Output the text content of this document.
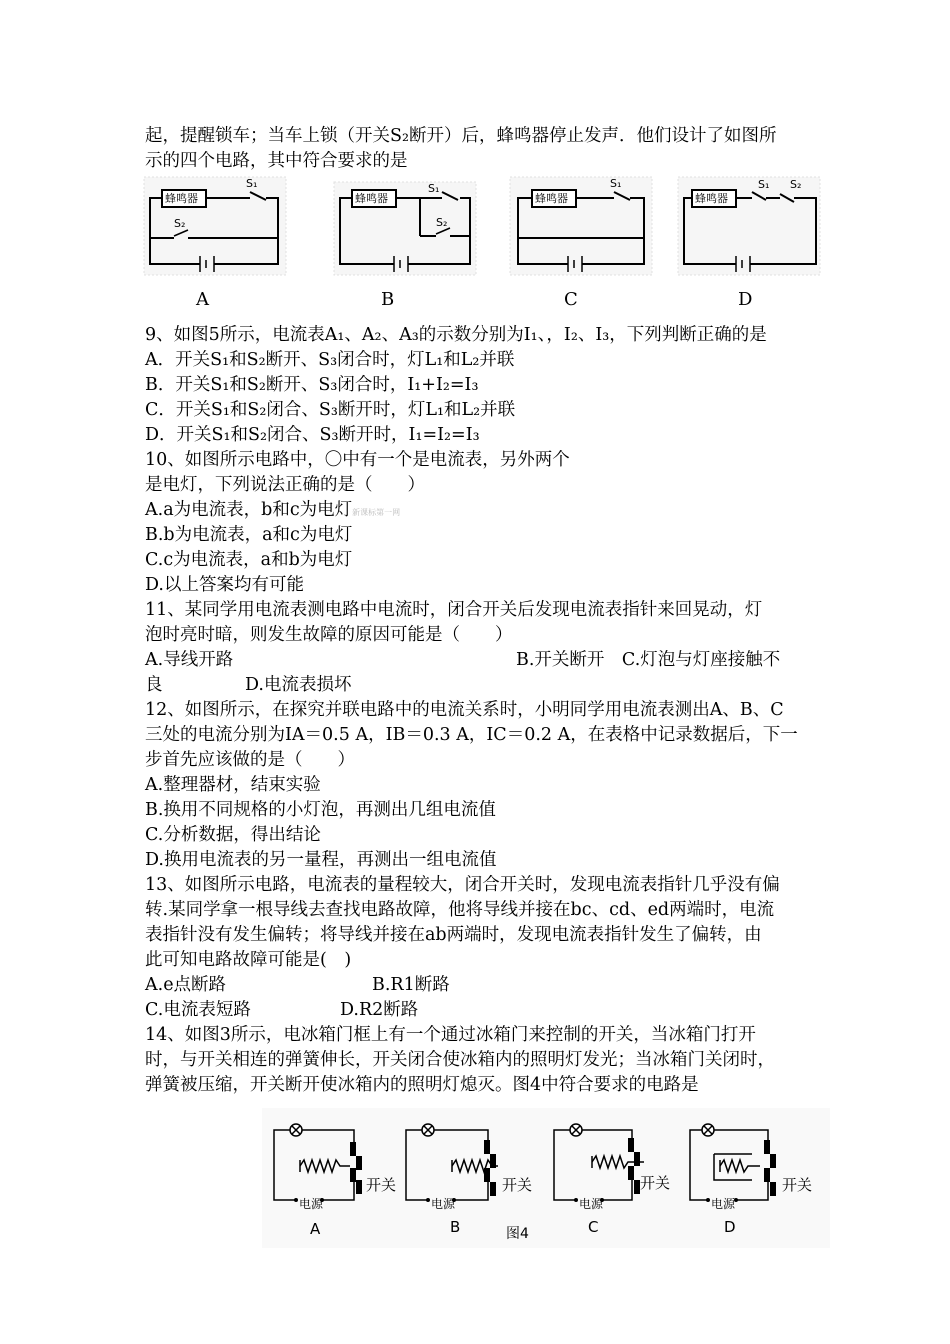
起，提醒锁车；当车上锁（开关S₂断开）后，蜂鸣器停止发声．他们设计了如图所
示的四个电路，其中符合要求的是
蜂鸣器	蜂鸣器	蜂鸣器	蜂鸣器
S₁
S₂
S₁
S₂
S₁	S₁ S₂
A	B	C	D
9、如图5所示，电流表A₁、A₂、A₃的示数分别为I₁、，I₂、I₃，下列判断正确的是
A．开关S₁和S₂断开、S₃闭合时，灯L₁和L₂并联
B．开关S₁和S₂断开、S₃闭合时，I₁+I₂=I₃
C．开关S₁和S₂闭合、S₃断开时，灯L₁和L₂并联
D．开关S₁和S₂闭合、S₃断开时，I₁=I₂=I₃
10、如图所示电路中，〇中有一个是电流表，另外两个
是电灯，下列说法正确的是（　　）
A.a为电流表，b和c为电灯新课标第一网
B.b为电流表，a和c为电灯
C.c为电流表，a和b为电灯
D.以上答案均有可能
11、某同学用电流表测电路中电流时，闭合开关后发现电流表指针来回晃动，灯
泡时亮时暗，则发生故障的原因可能是（　　）
A.导线开路	B.开关断开　C.灯泡与灯座接触不
良	D.电流表损坏
12、如图所示，在探究并联电路中的电流关系时，小明同学用电流表测出A、B、C
三处的电流分别为IA＝0.5 A，IB＝0.3 A，IC＝0.2 A，在表格中记录数据后，下一
步首先应该做的是（　　）
A.整理器材，结束实验
B.换用不同规格的小灯泡，再测出几组电流值
C.分析数据，得出结论
D.换用电流表的另一量程，再测出一组电流值
13、如图所示电路，电流表的量程较大，闭合开关时，发现电流表指针几乎没有偏
转.某同学拿一根导线去查找电路故障，他将导线并接在bc、cd、ed两端时，电流
表指针没有发生偏转；将导线并接在ab两端时，发现电流表指针发生了偏转，由
此可知电路故障可能是(　)
A.e点断路	B.R1断路
C.电流表短路	D.R2断路
14、如图3所示，电冰箱门框上有一个通过冰箱门来控制的开关，当冰箱门打开
时，与开关相连的弹簧伸长，开关闭合使冰箱内的照明灯发光；当冰箱门关闭时，
弹簧被压缩，开关断开使冰箱内的照明灯熄灭。图4中符合要求的电路是
电源
开关
电源
开关
电源
开关
电源
开关
A	B	C	D
图4
